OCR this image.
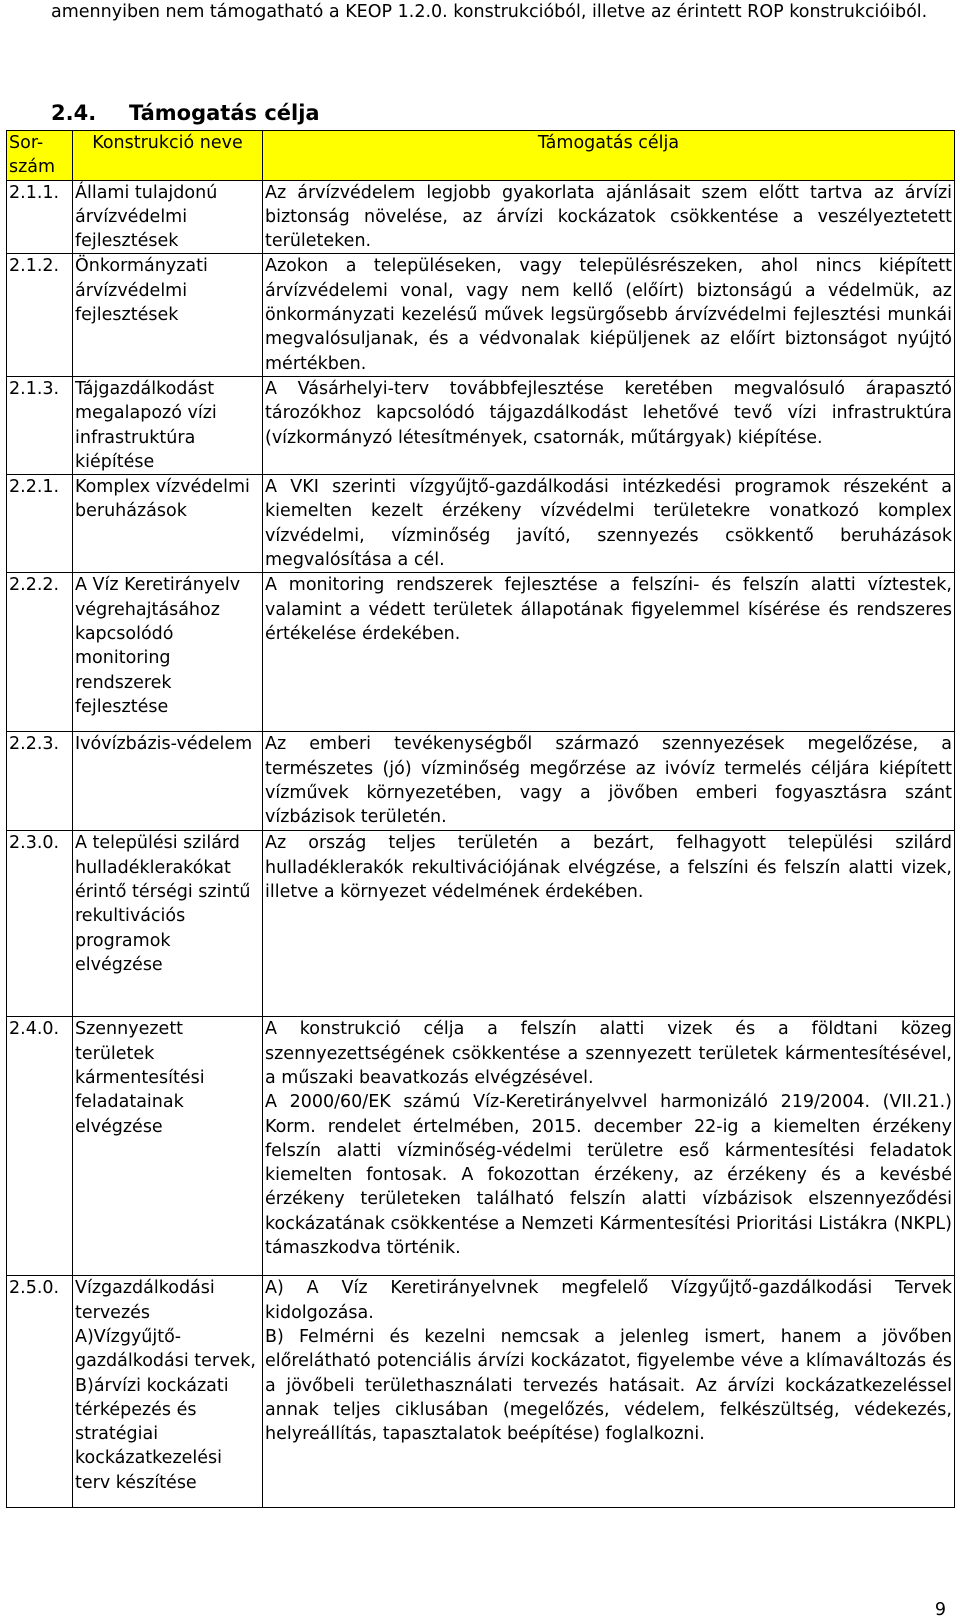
amennyiben nem támogatható a KEOP 1.2.0. konstrukcióból, illetve az érintett ROP konstrukcióiból.
2.4. Támogatás célja
Sor-szám	Konstrukció neve	Támogatás célja
2.1.1.	Állami tulajdonú árvízvédelmi fejlesztések	Az árvízvédelem legjobb gyakorlata ajánlásait szem előtt tartva az árvízi biztonság növelése, az árvízi kockázatok csökkentése a veszélyeztetett területeken.

2.1.2.	Önkormányzati árvízvédelmi fejlesztések	Azokon a településeken, vagy településrészeken, ahol nincs kiépített árvízvédelemi vonal, vagy nem kellő (előírt) biztonságú a védelmük, az önkormányzati kezelésű művek legsürgősebb árvízvédelmi fejlesztési munkái megvalósuljanak, és a védvonalak kiépüljenek az előírt biztonságot nyújtó mértékben.

2.1.3.	Tájgazdálkodást megalapozó vízi infrastruktúra kiépítése	A Vásárhelyi-terv továbbfejlesztése keretében megvalósuló árapasztó tározókhoz kapcsolódó tájgazdálkodást lehetővé tevő vízi infrastruktúra (vízkormányzó létesítmények, csatornák, műtárgyak) kiépítése.

2.2.1.	Komplex vízvédelmi beruházások	A VKI szerinti vízgyűjtő-gazdálkodási intézkedési programok részeként a kiemelten kezelt érzékeny vízvédelmi területekre vonatkozó komplex vízvédelmi, vízminőség javító, szennyezés csökkentő beruházások megvalósítása a cél.

2.2.2.	A Víz Keretirányelv végrehajtásához kapcsolódó monitoring rendszerek fejlesztése	A monitoring rendszerek fejlesztése a felszíni- és felszín alatti víztestek, valamint a védett területek állapotának figyelemmel kísérése és rendszeres értékelése érdekében.

2.2.3.	Ivóvízbázis-védelem	Az emberi tevékenységből származó szennyezések megelőzése, a természetes (jó) vízminőség megőrzése az ivóvíz termelés céljára kiépített vízművek környezetében, vagy a jövőben emberi fogyasztásra szánt vízbázisok területén.

2.3.0.	A települési szilárd hulladéklerakókat érintő térségi szintű rekultivációs programok elvégzése	Az ország teljes területén a bezárt, felhagyott települési szilárd hulladéklerakók rekultivációjának elvégzése, a felszíni és felszín alatti vizek, illetve a környezet védelmének érdekében.

2.4.0.	Szennyezett területek kármentesítési feladatainak elvégzése	A konstrukció célja a felszín alatti vizek és a földtani közeg szennyezettségének csökkentése a szennyezett területek kármentesítésével, a műszaki beavatkozás elvégzésével.
A 2000/60/EK számú Víz-Keretirányelvvel harmonizáló 219/2004. (VII.21.) Korm. rendelet értelmében, 2015. december 22-ig a kiemelten érzékeny felszín alatti vízminőség-védelmi területre eső kármentesítési feladatok kiemelten fontosak. A fokozottan érzékeny, az érzékeny és a kevésbé érzékeny területeken található felszín alatti vízbázisok elszennyeződési kockázatának csökkentése a Nemzeti Kármentesítési Prioritási Listákra (NKPL) támaszkodva történik.

2.5.0.	Vízgazdálkodási tervezés A)Vízgyűjtő-gazdálkodási tervek, B)árvízi kockázati térképezés és stratégiai kockázatkezelési terv készítése	A) A Víz Keretirányelvnek megfelelő Vízgyűjtő-gazdálkodási Tervek kidolgozása.
B) Felmérni és kezelni nemcsak a jelenleg ismert, hanem a jövőben előrelátható potenciális árvízi kockázatot, figyelembe véve a klímaváltozás és a jövőbeli területhasználati tervezés hatásait. Az árvízi kockázatkezeléssel annak teljes ciklusában (megelőzés, védelem, felkészültség, védekezés, helyreállítás, tapasztalatok beépítése) foglalkozni.
9
